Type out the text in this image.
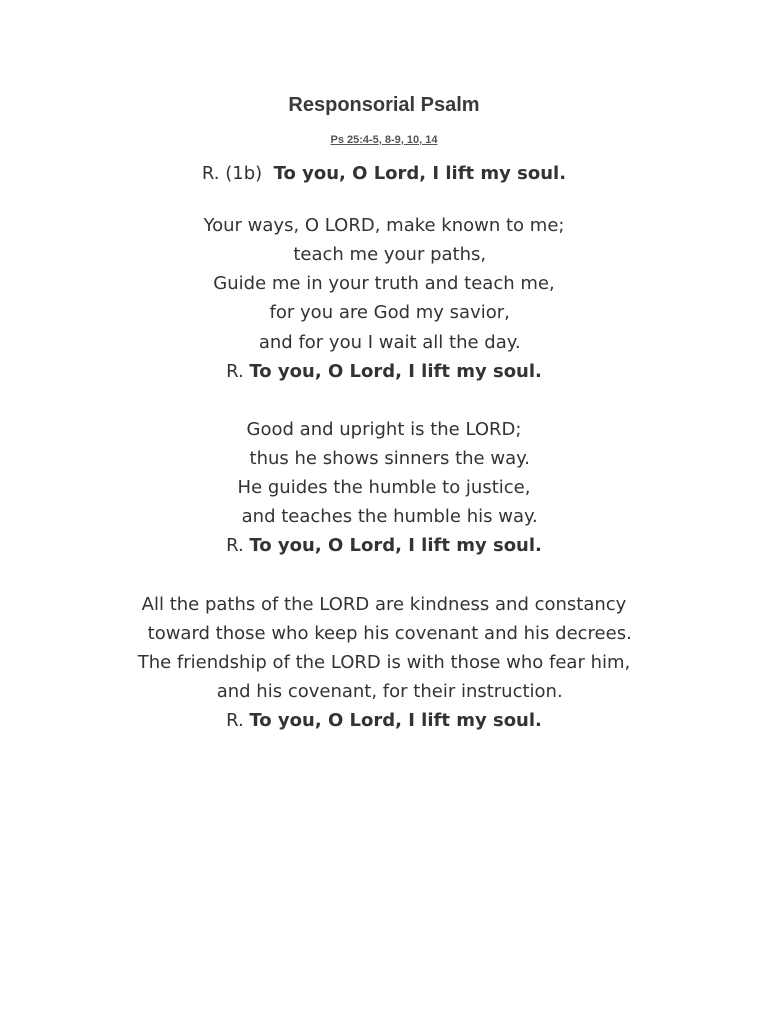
Responsorial Psalm
Ps 25:4-5, 8-9, 10, 14
R. (1b)  To you, O Lord, I lift my soul.
Your ways, O LORD, make known to me;
teach me your paths,
Guide me in your truth and teach me,
for you are God my savior,
and for you I wait all the day.
R. To you, O Lord, I lift my soul.
Good and upright is the LORD;
thus he shows sinners the way.
He guides the humble to justice,
and teaches the humble his way.
R. To you, O Lord, I lift my soul.
All the paths of the LORD are kindness and constancy
toward those who keep his covenant and his decrees.
The friendship of the LORD is with those who fear him,
and his covenant, for their instruction.
R. To you, O Lord, I lift my soul.
